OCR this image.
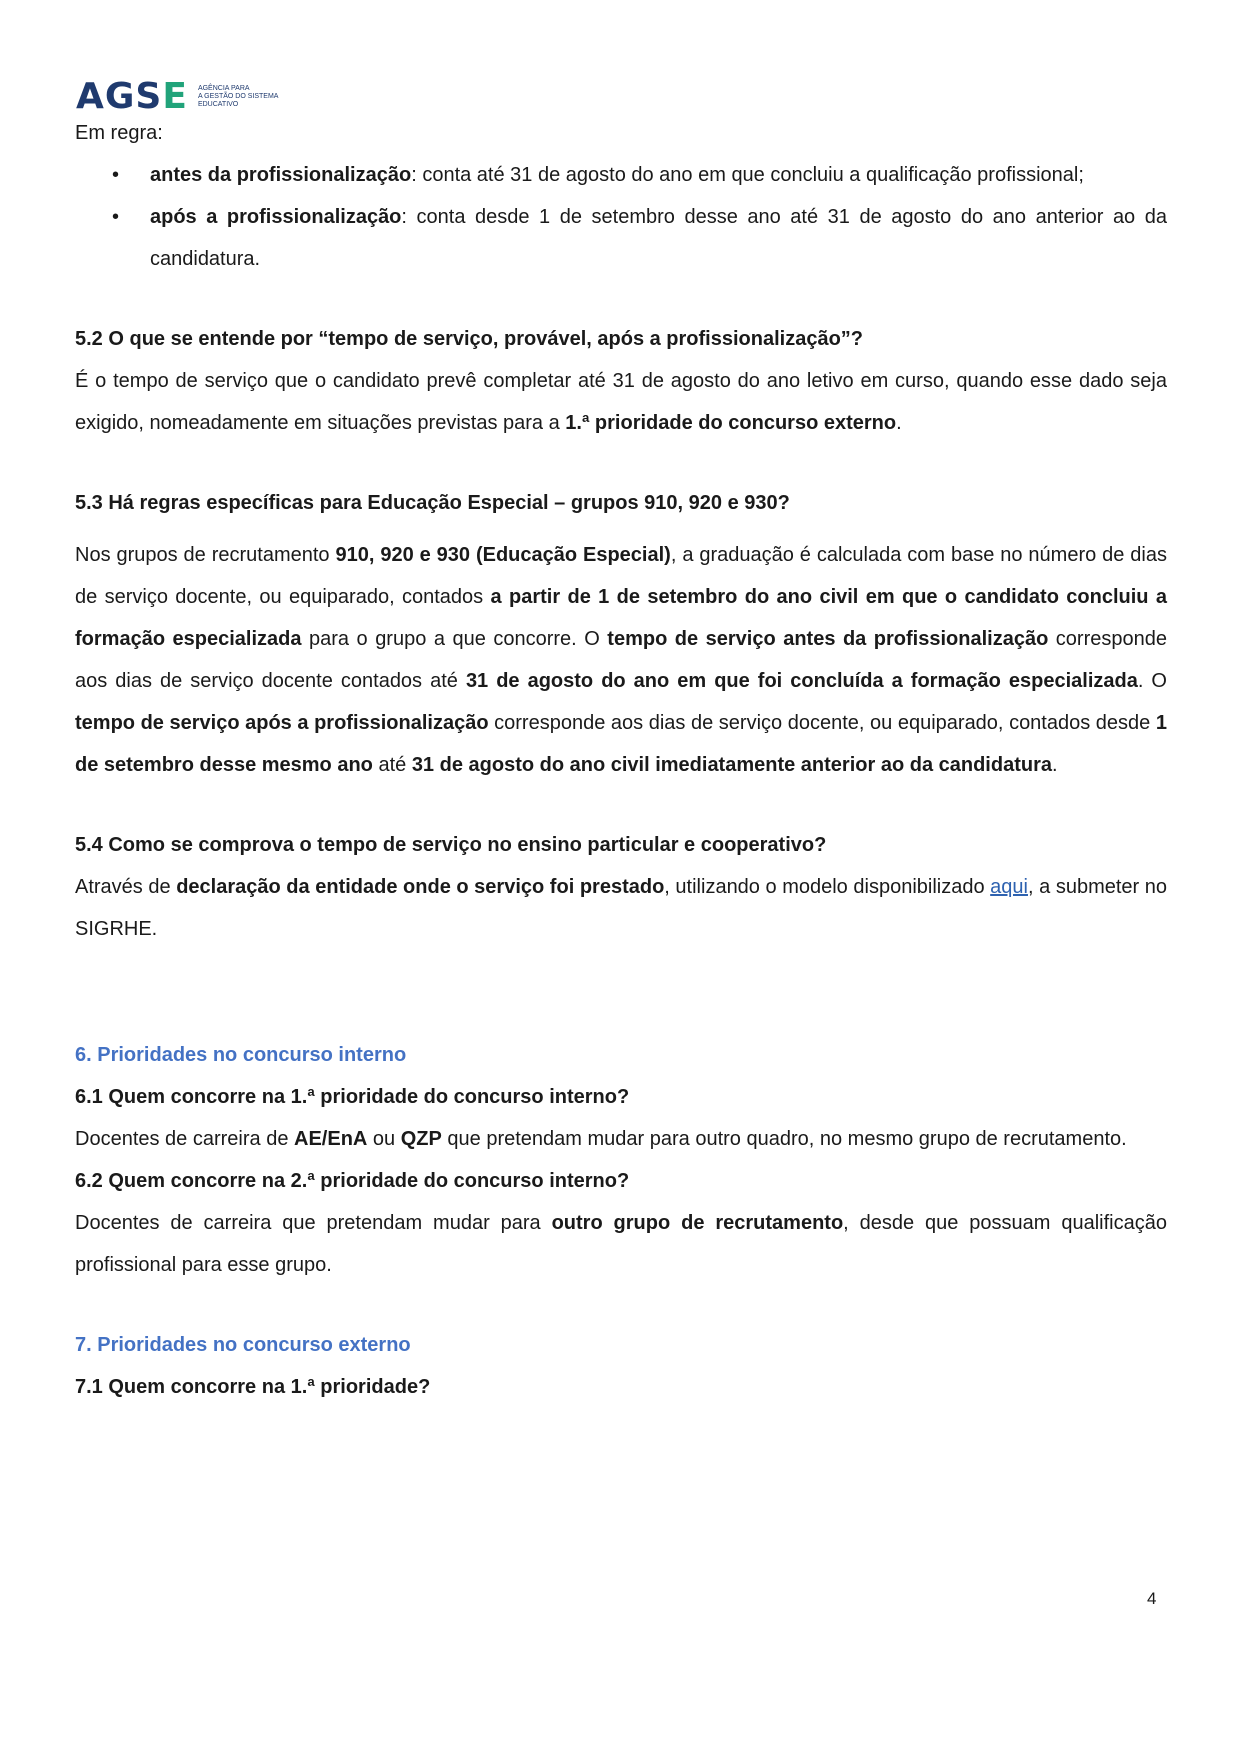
AGSE AGÊNCIA PARA
A GESTÃO DO SISTEMA
EDUCATIVO

Em regra:

• antes da profissionalização: conta até 31 de agosto do ano em que concluiu a qualificação profissional;
• após a profissionalização: conta desde 1 de setembro desse ano até 31 de agosto do ano anterior ao da candidatura.

5.2 O que se entende por “tempo de serviço, provável, após a profissionalização”?

É o tempo de serviço que o candidato prevê completar até 31 de agosto do ano letivo em curso, quando esse dado seja exigido, nomeadamente em situações previstas para a 1.ª prioridade do concurso externo.

5.3 Há regras específicas para Educação Especial – grupos 910, 920 e 930?

Nos grupos de recrutamento 910, 920 e 930 (Educação Especial), a graduação é calculada com base no número de dias de serviço docente, ou equiparado, contados a partir de 1 de setembro do ano civil em que o candidato concluiu a formação especializada para o grupo a que concorre. O tempo de serviço antes da profissionalização corresponde aos dias de serviço docente contados até 31 de agosto do ano em que foi concluída a formação especializada. O tempo de serviço após a profissionalização corresponde aos dias de serviço docente, ou equiparado, contados desde 1 de setembro desse mesmo ano até 31 de agosto do ano civil imediatamente anterior ao da candidatura.

5.4 Como se comprova o tempo de serviço no ensino particular e cooperativo?

Através de declaração da entidade onde o serviço foi prestado, utilizando o modelo disponibilizado aqui, a submeter no SIGRHE.

6. Prioridades no concurso interno

6.1 Quem concorre na 1.ª prioridade do concurso interno?

Docentes de carreira de AE/EnA ou QZP que pretendam mudar para outro quadro, no mesmo grupo de recrutamento.

6.2 Quem concorre na 2.ª prioridade do concurso interno?

Docentes de carreira que pretendam mudar para outro grupo de recrutamento, desde que possuam qualificação profissional para esse grupo.

7. Prioridades no concurso externo

7.1 Quem concorre na 1.ª prioridade?

4
